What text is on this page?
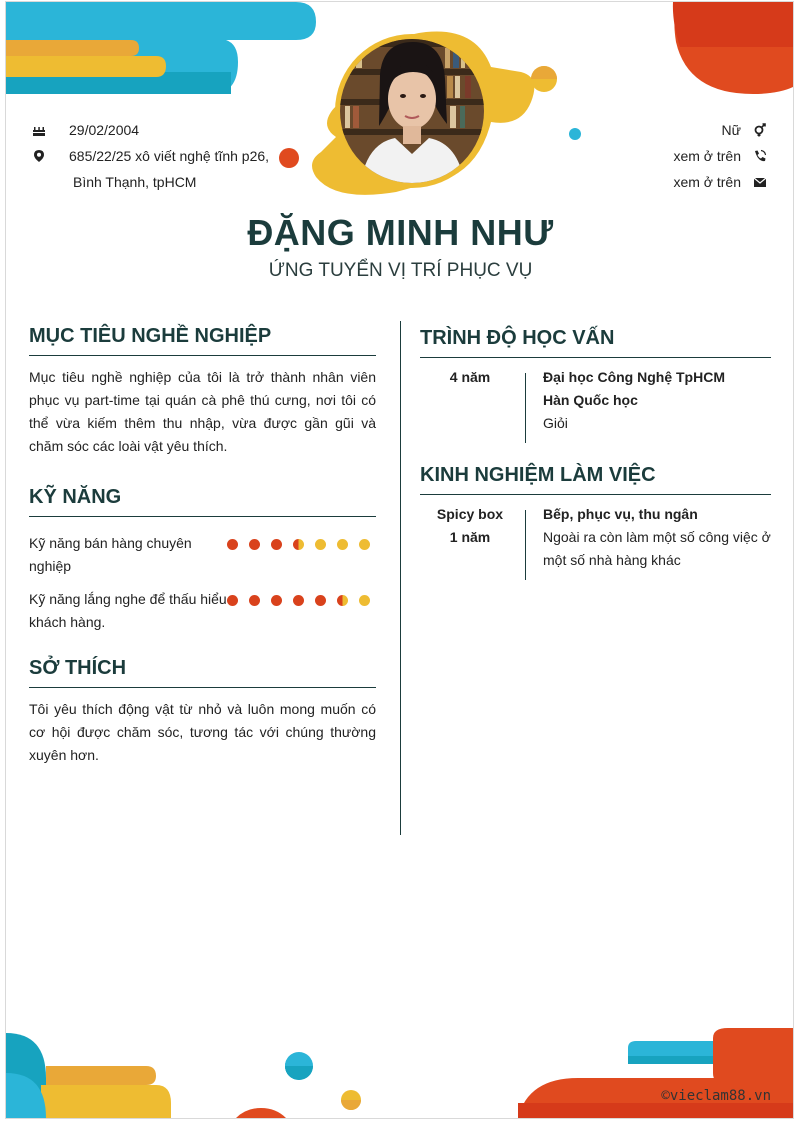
29/02/2004
685/22/25 xô viết nghệ tĩnh p26,
Bình Thạnh, tpHCM
Nữ
xem ở trên
xem ở trên
ĐẶNG MINH NHƯ
ỨNG TUYỂN VỊ TRÍ PHỤC VỤ
MỤC TIÊU NGHỀ NGHIỆP
Mục tiêu nghề nghiệp của tôi là trở thành nhân viên phục vụ part-time tại quán cà phê thú cưng, nơi tôi có thể vừa kiếm thêm thu nhập, vừa được gần gũi và chăm sóc các loài vật yêu thích.
KỸ NĂNG
Kỹ năng bán hàng chuyên nghiệp
Kỹ năng lắng nghe để thấu hiểu khách hàng.
SỞ THÍCH
Tôi yêu thích động vật từ nhỏ và luôn mong muốn có cơ hội được chăm sóc, tương tác với chúng thường xuyên hơn.
TRÌNH ĐỘ HỌC VẤN
4 năm	Đại học Công Nghệ TpHCM
Hàn Quốc học
Giỏi
KINH NGHIỆM LÀM VIỆC
Spicy box
1 năm
Bếp, phục vụ, thu ngân
Ngoài ra còn làm một số công việc ở một số nhà hàng khác
©vieclam88.vn
